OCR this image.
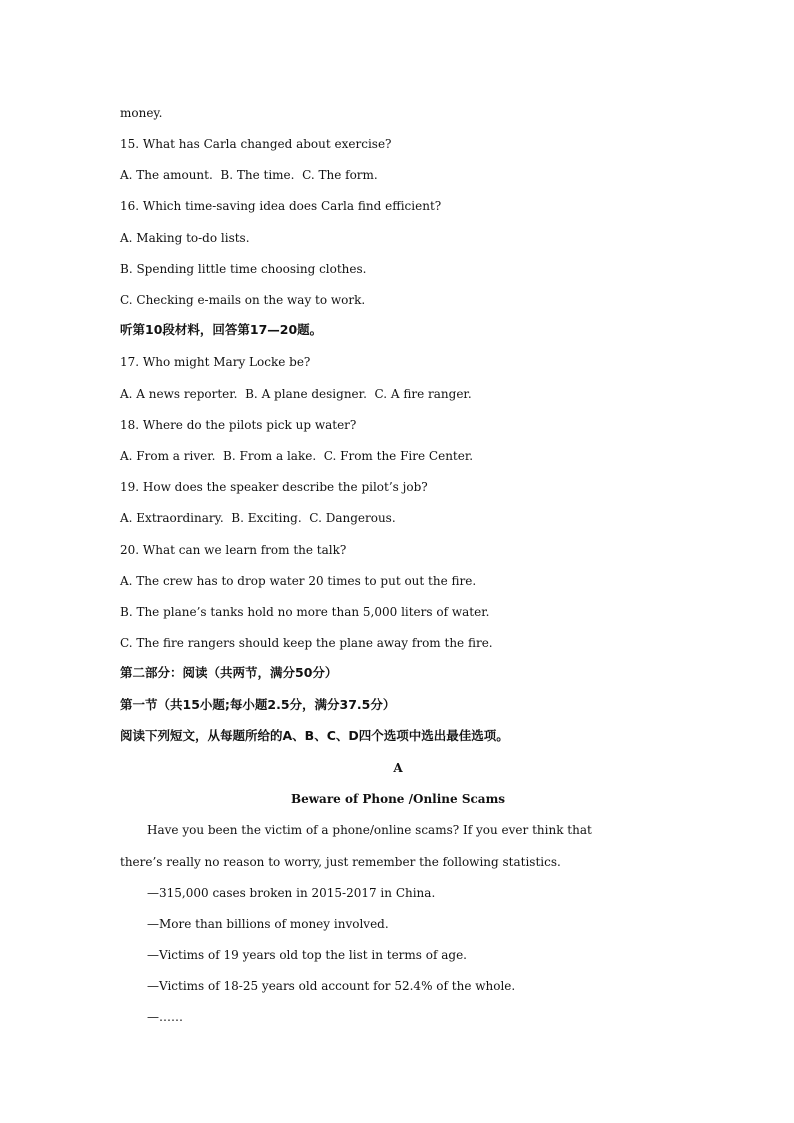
money.
15. What has Carla changed about exercise?
A. The amount.  B. The time.  C. The form.
16. Which time-saving idea does Carla find efficient?
A. Making to-do lists.
B. Spending little time choosing clothes.
C. Checking e-mails on the way to work.
听第10段材料，回答第17—20题。
17. Who might Mary Locke be?
A. A news reporter.  B. A plane designer.  C. A fire ranger.
18. Where do the pilots pick up water?
A. From a river.  B. From a lake.  C. From the Fire Center.
19. How does the speaker describe the pilot’s job?
A. Extraordinary.  B. Exciting.  C. Dangerous.
20. What can we learn from the talk?
A. The crew has to drop water 20 times to put out the fire.
B. The plane’s tanks hold no more than 5,000 liters of water.
C. The fire rangers should keep the plane away from the fire.
第二部分：阅读（共两节，满分50分）
第一节（共15小题;每小题2.5分，满分37.5分）
阅读下列短文，从每题所给的A、B、C、D四个选项中选出最佳选项。
A
Beware of Phone /Online Scams
Have you been the victim of a phone/online scams? If you ever think that
there’s really no reason to worry, just remember the following statistics.
—315,000 cases broken in 2015-2017 in China.
—More than billions of money involved.
—Victims of 19 years old top the list in terms of age.
—Victims of 18-25 years old account for 52.4% of the whole.
—……
